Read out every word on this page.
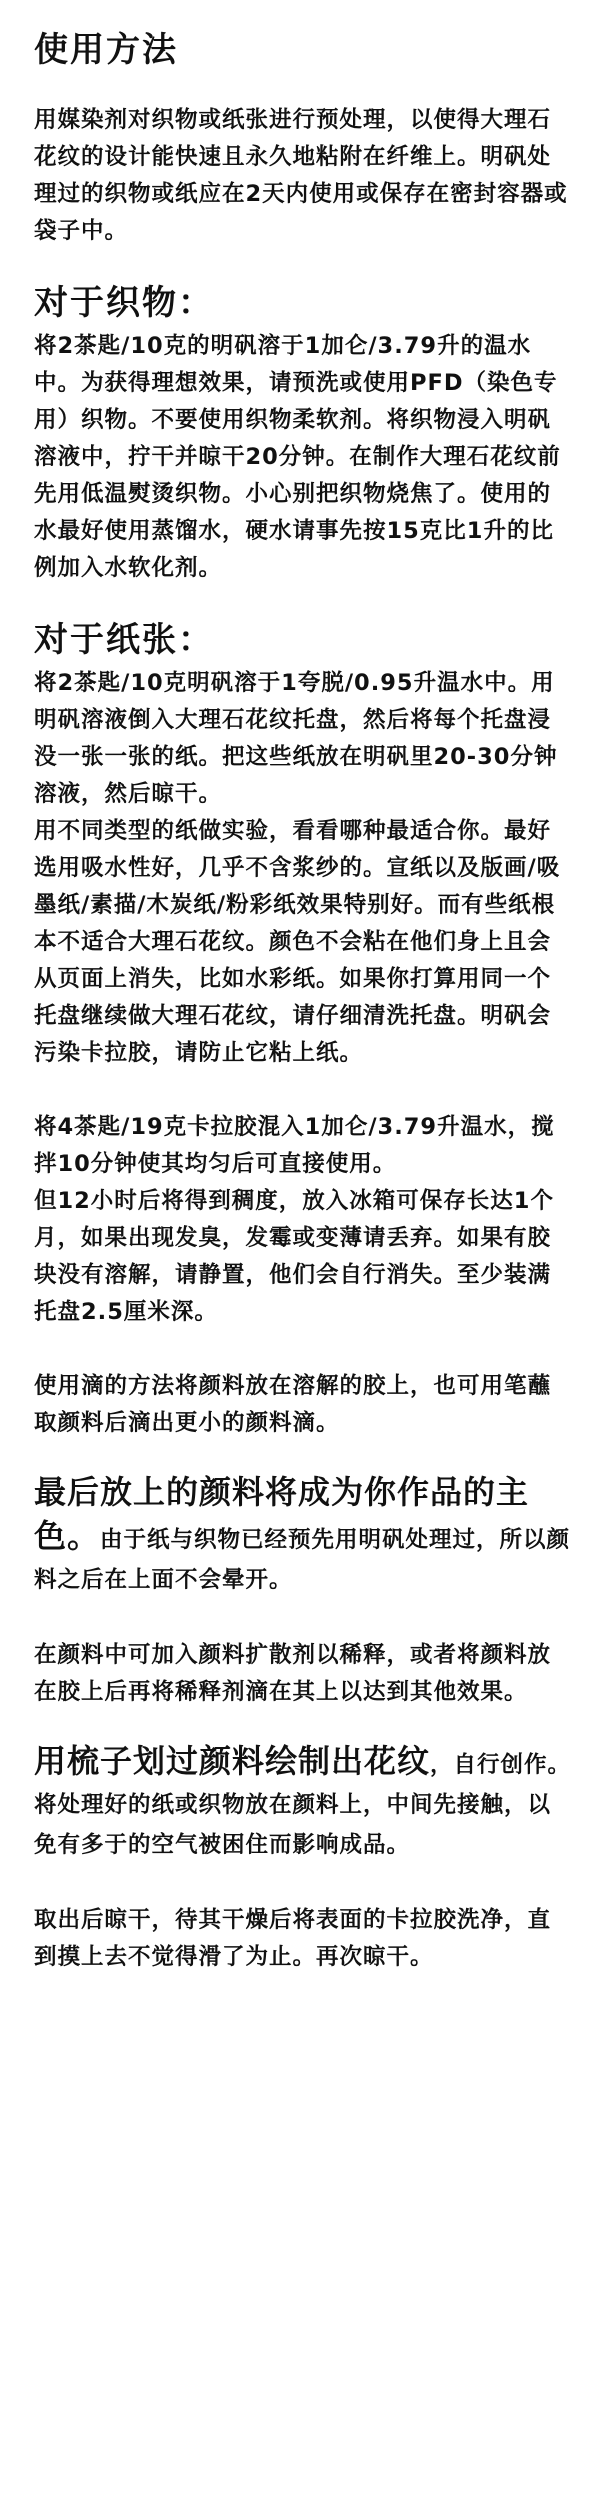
使用方法

用媒染剂对织物或纸张进行预处理，以使得大理石花纹的设计能快速且永久地粘附在纤维上。明矾处理过的织物或纸应在2天内使用或保存在密封容器或袋子中。

对于织物：

将2茶匙/10克的明矾溶于1加仑/3.79升的温水中。为获得理想效果，请预洗或使用PFD（染色专用）织物。不要使用织物柔软剂。将织物浸入明矾溶液中，拧干并晾干20分钟。在制作大理石花纹前先用低温熨烫织物。小心别把织物烧焦了。使用的水最好使用蒸馏水，硬水请事先按15克比1升的比例加入水软化剂。

对于纸张：

将2茶匙/10克明矾溶于1夸脱/0.95升温水中。用明矾溶液倒入大理石花纹托盘，然后将每个托盘浸没一张一张的纸。把这些纸放在明矾里20-30分钟溶液，然后晾干。

用不同类型的纸做实验，看看哪种最适合你。最好选用吸水性好，几乎不含浆纱的。宣纸以及版画/吸墨纸/素描/木炭纸/粉彩纸效果特别好。而有些纸根本不适合大理石花纹。颜色不会粘在他们身上且会从页面上消失，比如水彩纸。如果你打算用同一个托盘继续做大理石花纹，请仔细清洗托盘。明矾会污染卡拉胶，请防止它粘上纸。

将4茶匙/19克卡拉胶混入1加仑/3.79升温水，搅拌10分钟使其均匀后可直接使用。

但12小时后将得到稠度，放入冰箱可保存长达1个月，如果出现发臭，发霉或变薄请丢弃。如果有胶块没有溶解，请静置，他们会自行消失。至少装满托盘2.5厘米深。

使用滴的方法将颜料放在溶解的胶上，也可用笔蘸取颜料后滴出更小的颜料滴。

最后放上的颜料将成为你作品的主色。由于纸与织物已经预先用明矾处理过，所以颜料之后在上面不会晕开。

在颜料中可加入颜料扩散剂以稀释，或者将颜料放在胶上后再将稀释剂滴在其上以达到其他效果。

用梳子划过颜料绘制出花纹，自行创作。将处理好的纸或织物放在颜料上，中间先接触，以免有多于的空气被困住而影响成品。

取出后晾干，待其干燥后将表面的卡拉胶洗净，直到摸上去不觉得滑了为止。再次晾干。
